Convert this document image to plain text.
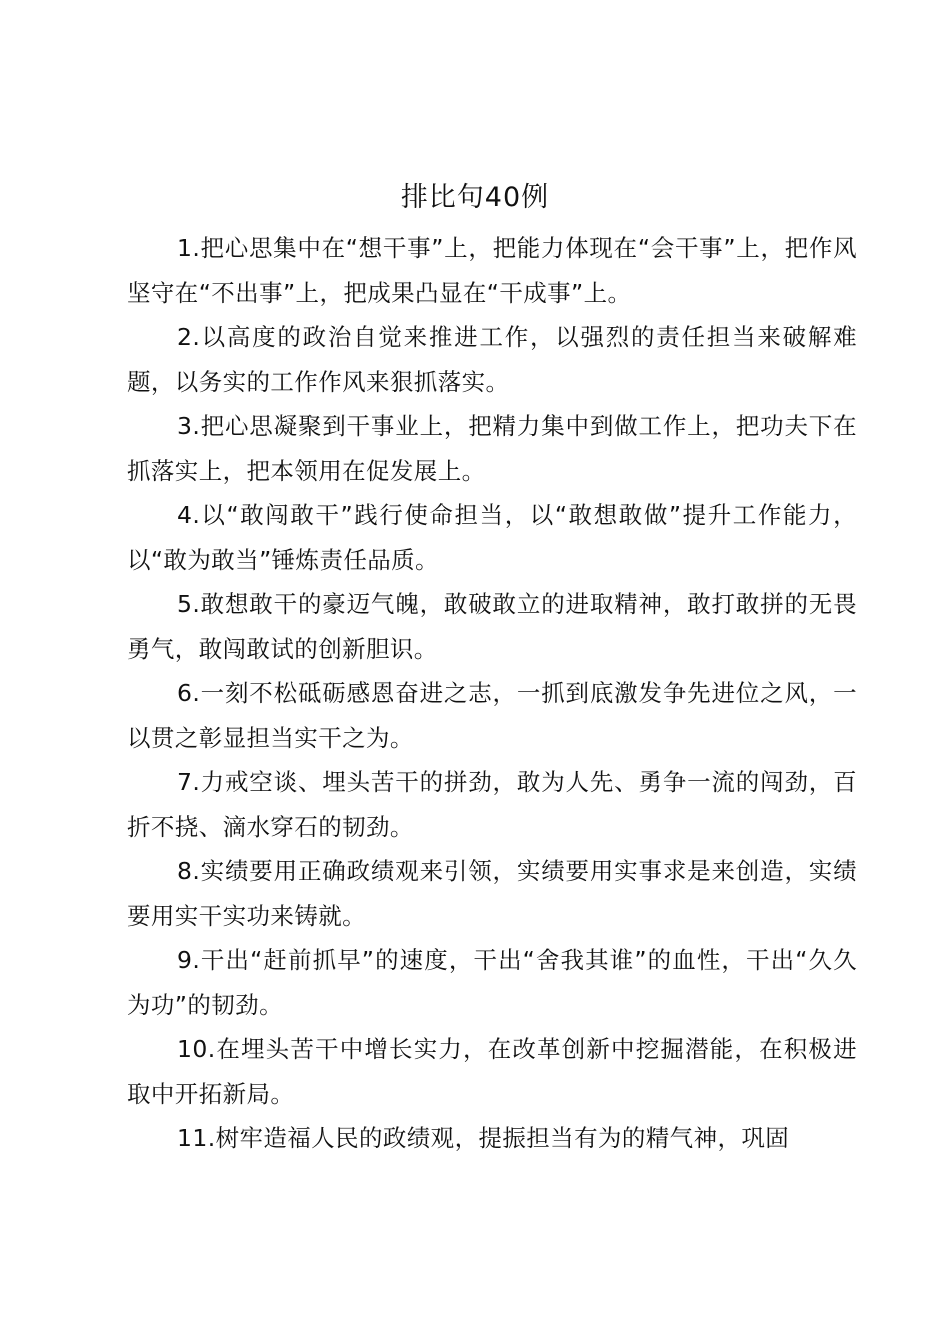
排比句40例

1.把心思集中在“想干事”上，把能力体现在“会干事”上，把作风坚守在“不出事”上，把成果凸显在“干成事”上。

2.以高度的政治自觉来推进工作，以强烈的责任担当来破解难题，以务实的工作作风来狠抓落实。

3.把心思凝聚到干事业上，把精力集中到做工作上，把功夫下在抓落实上，把本领用在促发展上。

4.以“敢闯敢干”践行使命担当，以“敢想敢做”提升工作能力，以“敢为敢当”锤炼责任品质。

5.敢想敢干的豪迈气魄，敢破敢立的进取精神，敢打敢拼的无畏勇气，敢闯敢试的创新胆识。

6.一刻不松砥砺感恩奋进之志，一抓到底激发争先进位之风，一以贯之彰显担当实干之为。

7.力戒空谈、埋头苦干的拼劲，敢为人先、勇争一流的闯劲，百折不挠、滴水穿石的韧劲。

8.实绩要用正确政绩观来引领，实绩要用实事求是来创造，实绩要用实干实功来铸就。

9.干出“赶前抓早”的速度，干出“舍我其谁”的血性，干出“久久为功”的韧劲。

10.在埋头苦干中增长实力，在改革创新中挖掘潜能，在积极进取中开拓新局。

11.树牢造福人民的政绩观，提振担当有为的精气神，巩固
